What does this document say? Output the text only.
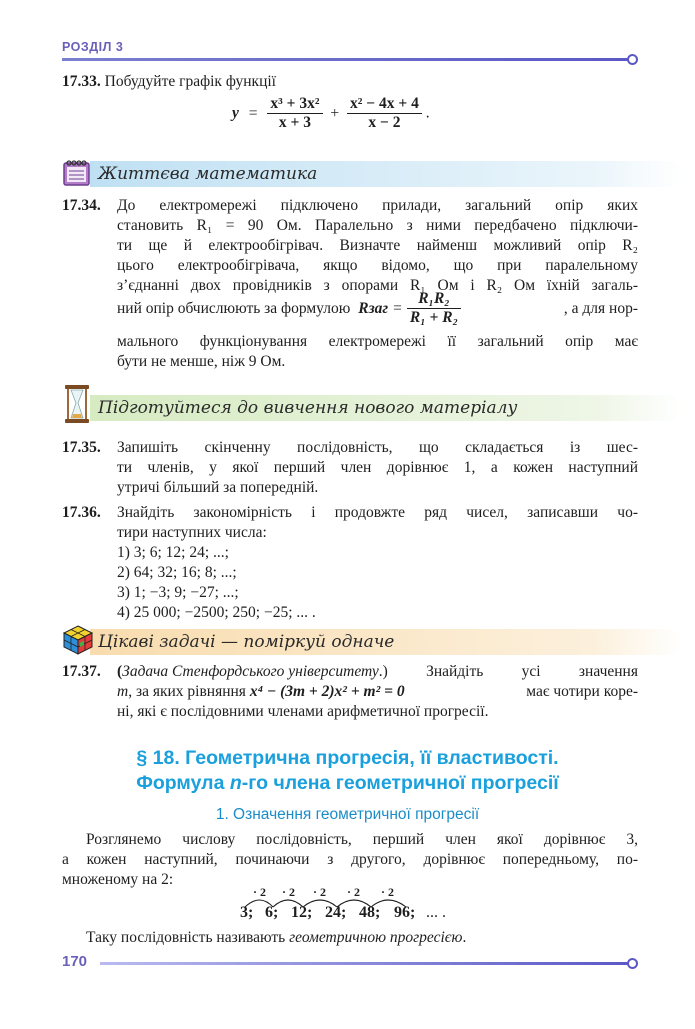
РОЗДІЛ 3
17.33. Побудуйте графік функції
$y = \frac{\text{x³ + 3x²}}{x + 3} + \frac{\text{x² − 4x + 4}}{x - 2}$ .
Життєва математика
17.34. До електромережі підключено прилади, загальний опір яких
становить R₁ = 90 Ом. Паралельно з ними передбачено підключи-
ти ще й електрообігрівач. Визначте найменш можливий опір R₂
цього електрообігрівача, якщо відомо, що при паралельному
з’єднанні двох провідників з опорами R₁ Ом і R₂ Ом їхній загаль-
ний опір обчислюють за формулою Rзаг = $\frac{\text{R₁R₂}}{\text{R₁ + R₂}}$	, а для нор-
мального функціонування електромережі її загальний опір має
бути не менше, ніж 9 Ом.
Підготуйтеся до вивчення нового матеріалу
17.35. Запишіть скінченну послідовність, що складається із шес-
ти членів, у якої перший член дорівнює 1, а кожен наступний
утричі більший за попередній.
17.36. Знайдіть закономірність і продовжте ряд чисел, записавши чо-
тири наступних числа:
1) 3; 6; 12; 24; ...;
2) 64; 32; 16; 8; ...;
3) 1; −3; 9; −27; ...;
4) 25 000; −2500; 250; −25; ... .
Цікаві задачі — поміркуй одначе
17.37. ( Задача Стенфордського університету .) Знайдіть усі значення
m , за яких рівняння x⁴ − (3m + 2)x² + m² = 0	має чотири коре-
ні, які є послідовними членами арифметичної прогресії.
§ 18. Геометрична прогресія, її властивості.
Формула n-го члена геометричної прогресії
1. Означення геометричної прогресії
Розглянемо числову послідовність, перший член якої дорівнює 3,
а кожен наступний, починаючи з другого, дорівнює попередньому, по-
множеному на 2:
· 2 · 2 · 2 · 2 · 2
3; 6; 12; 24; 48; 96; ... .
Таку послідовність називають геометричною прогресією.
170
